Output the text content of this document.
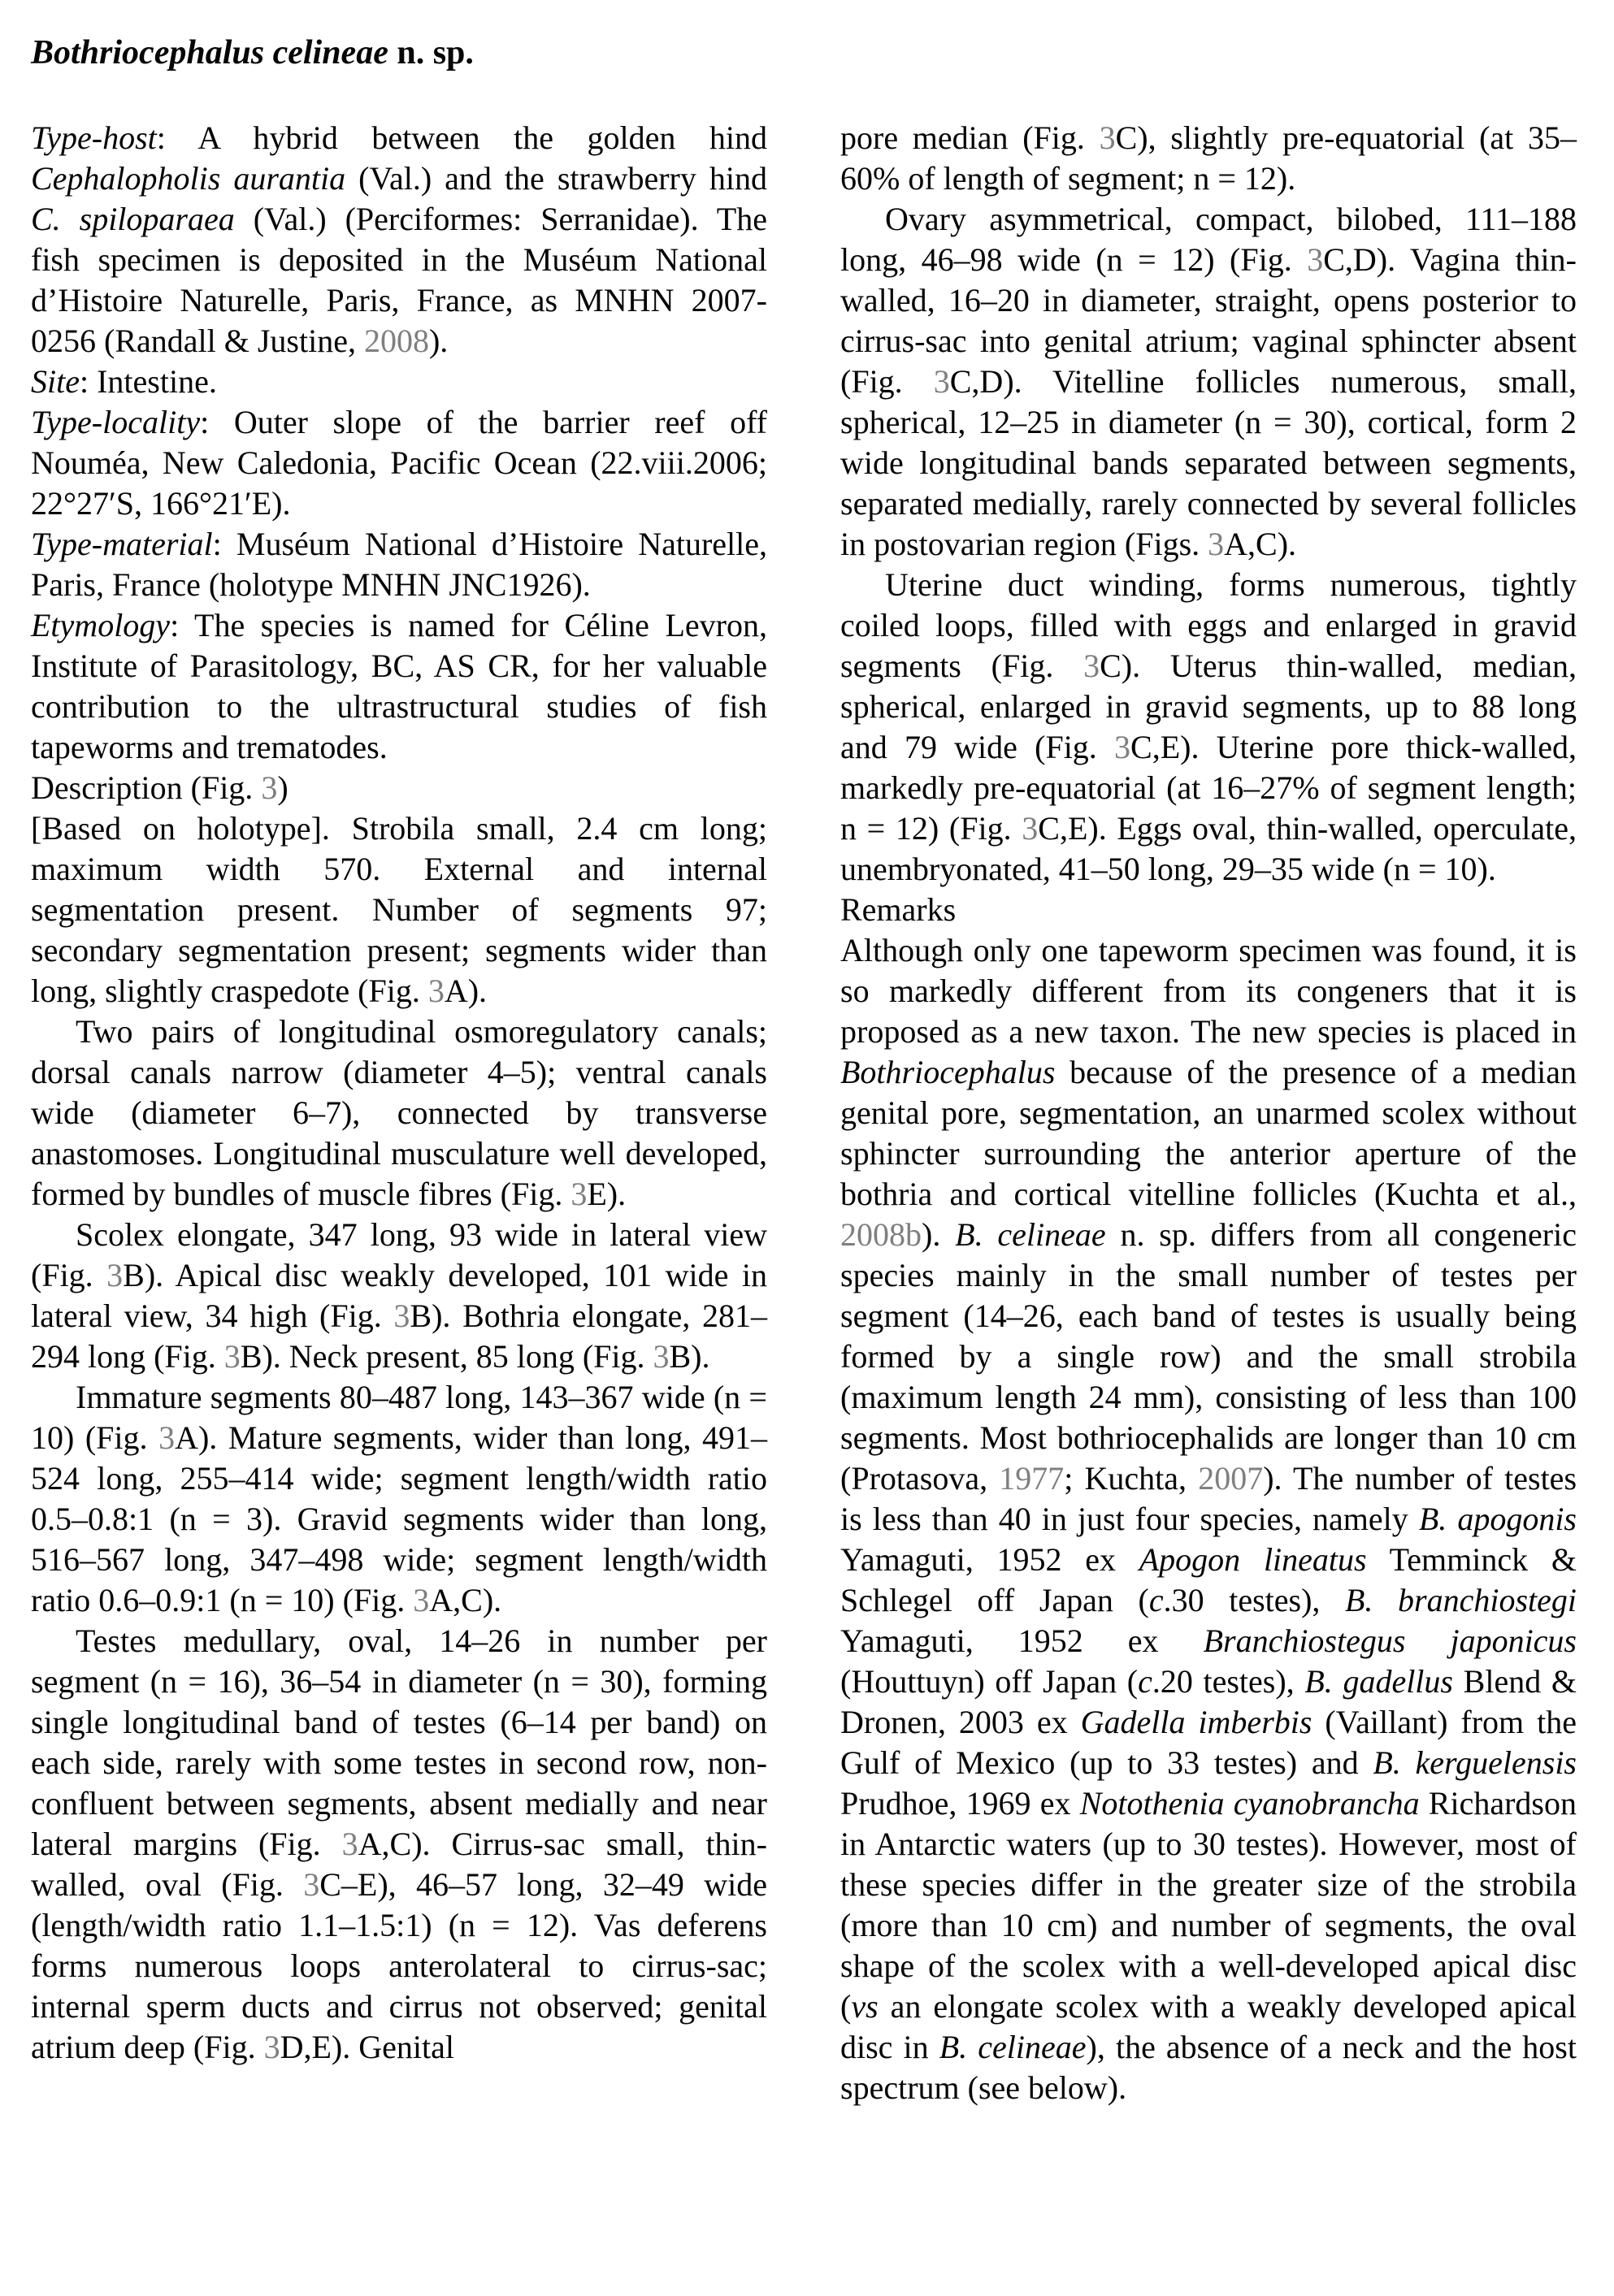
Bothriocephalus celineae n. sp.

Type-host: A hybrid between the golden hind Cephalopholis aurantia (Val.) and the strawberry hind C. spiloparaea (Val.) (Perciformes: Serranidae). The fish specimen is deposited in the Muséum National d’Histoire Naturelle, Paris, France, as MNHN 2007-0256 (Randall & Justine, 2008).

Site: Intestine.

Type-locality: Outer slope of the barrier reef off Nouméa, New Caledonia, Pacific Ocean (22.viii.2006; 22°27′S, 166°21′E).

Type-material: Muséum National d’Histoire Naturelle, Paris, France (holotype MNHN JNC1926).

Etymology: The species is named for Céline Levron, Institute of Parasitology, BC, AS CR, for her valuable contribution to the ultrastructural studies of fish tapeworms and trematodes.

Description (Fig. 3)

[Based on holotype]. Strobila small, 2.4 cm long; maximum width 570. External and internal segmentation present. Number of segments 97; secondary segmentation present; segments wider than long, slightly craspedote (Fig. 3A).

Two pairs of longitudinal osmoregulatory canals; dorsal canals narrow (diameter 4–5); ventral canals wide (diameter 6–7), connected by transverse anastomoses. Longitudinal musculature well developed, formed by bundles of muscle fibres (Fig. 3E).

Scolex elongate, 347 long, 93 wide in lateral view (Fig. 3B). Apical disc weakly developed, 101 wide in lateral view, 34 high (Fig. 3B). Bothria elongate, 281–294 long (Fig. 3B). Neck present, 85 long (Fig. 3B).

Immature segments 80–487 long, 143–367 wide (n = 10) (Fig. 3A). Mature segments, wider than long, 491–524 long, 255–414 wide; segment length/width ratio 0.5–0.8:1 (n = 3). Gravid segments wider than long, 516–567 long, 347–498 wide; segment length/width ratio 0.6–0.9:1 (n = 10) (Fig. 3A,C).

Testes medullary, oval, 14–26 in number per segment (n = 16), 36–54 in diameter (n = 30), forming single longitudinal band of testes (6–14 per band) on each side, rarely with some testes in second row, non-confluent between segments, absent medially and near lateral margins (Fig. 3A,C). Cirrus-sac small, thin-walled, oval (Fig. 3C–E), 46–57 long, 32–49 wide (length/width ratio 1.1–1.5:1) (n = 12). Vas deferens forms numerous loops anterolateral to cirrus-sac; internal sperm ducts and cirrus not observed; genital atrium deep (Fig. 3D,E). Genital

pore median (Fig. 3C), slightly pre-equatorial (at 35–60% of length of segment; n = 12).

Ovary asymmetrical, compact, bilobed, 111–188 long, 46–98 wide (n = 12) (Fig. 3C,D). Vagina thin-walled, 16–20 in diameter, straight, opens posterior to cirrus-sac into genital atrium; vaginal sphincter absent (Fig. 3C,D). Vitelline follicles numerous, small, spherical, 12–25 in diameter (n = 30), cortical, form 2 wide longitudinal bands separated between segments, separated medially, rarely connected by several follicles in postovarian region (Figs. 3A,C).

Uterine duct winding, forms numerous, tightly coiled loops, filled with eggs and enlarged in gravid segments (Fig. 3C). Uterus thin-walled, median, spherical, enlarged in gravid segments, up to 88 long and 79 wide (Fig. 3C,E). Uterine pore thick-walled, markedly pre-equatorial (at 16–27% of segment length; n = 12) (Fig. 3C,E). Eggs oval, thin-walled, operculate, unembryonated, 41–50 long, 29–35 wide (n = 10).

Remarks

Although only one tapeworm specimen was found, it is so markedly different from its congeners that it is proposed as a new taxon. The new species is placed in Bothriocephalus because of the presence of a median genital pore, segmentation, an unarmed scolex without sphincter surrounding the anterior aperture of the bothria and cortical vitelline follicles (Kuchta et al., 2008b). B. celineae n. sp. differs from all congeneric species mainly in the small number of testes per segment (14–26, each band of testes is usually being formed by a single row) and the small strobila (maximum length 24 mm), consisting of less than 100 segments. Most bothriocephalids are longer than 10 cm (Protasova, 1977; Kuchta, 2007). The number of testes is less than 40 in just four species, namely B. apogonis Yamaguti, 1952 ex Apogon lineatus Temminck & Schlegel off Japan (c.30 testes), B. branchiostegi Yamaguti, 1952 ex Branchiostegus japonicus (Houttuyn) off Japan (c.20 testes), B. gadellus Blend & Dronen, 2003 ex Gadella imberbis (Vaillant) from the Gulf of Mexico (up to 33 testes) and B. kerguelensis Prudhoe, 1969 ex Notothenia cyanobrancha Richardson in Antarctic waters (up to 30 testes). However, most of these species differ in the greater size of the strobila (more than 10 cm) and number of segments, the oval shape of the scolex with a well-developed apical disc (vs an elongate scolex with a weakly developed apical disc in B. celineae), the absence of a neck and the host spectrum (see below).
